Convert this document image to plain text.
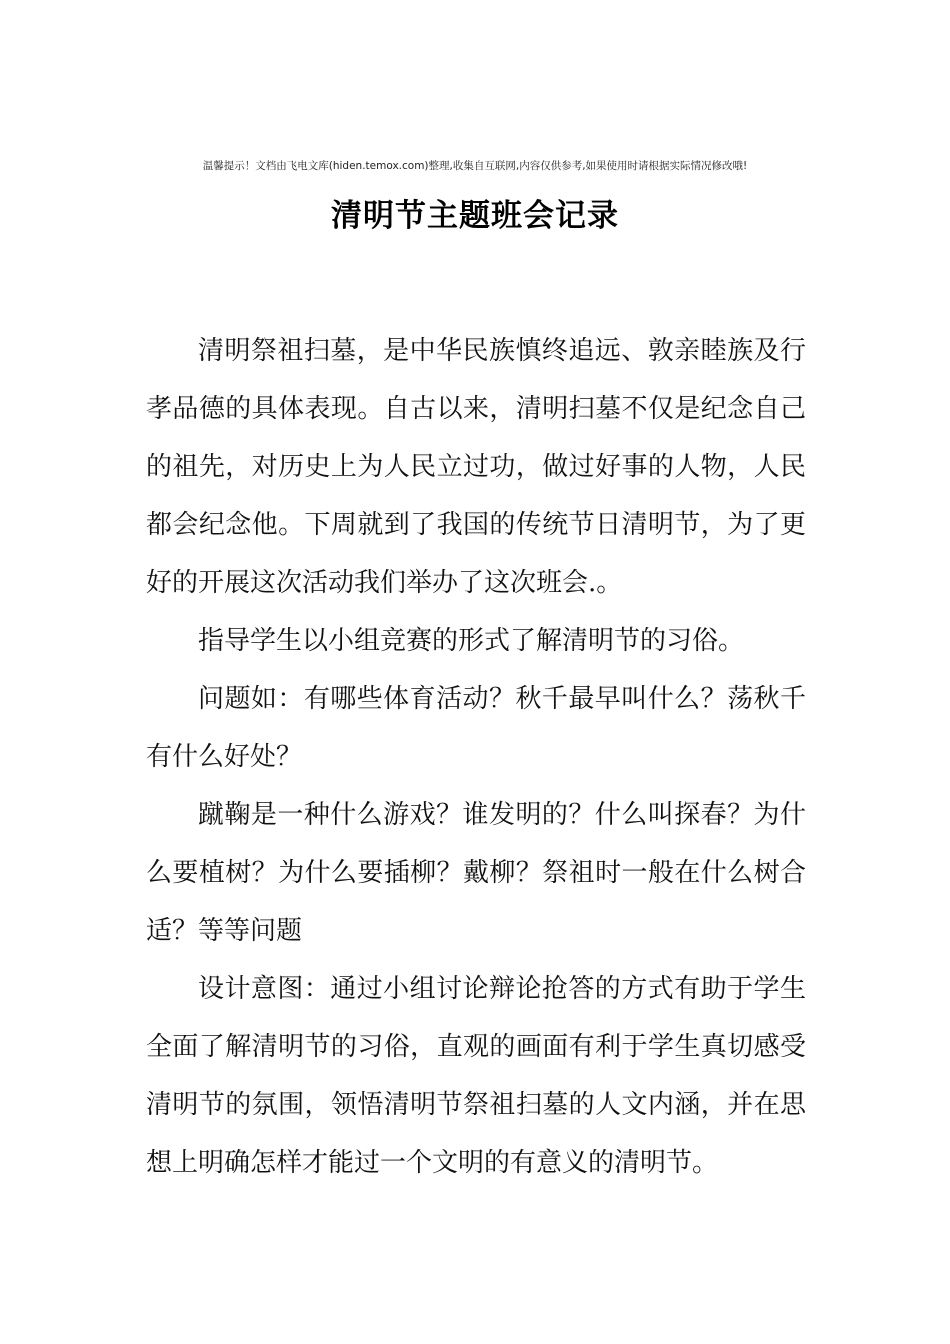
温馨提示！文档由飞电文库(hiden.temox.com)整理,收集自互联网,内容仅供参考,如果使用时请根据实际情况修改哦!
清明节主题班会记录

清明祭祖扫墓，是中华民族慎终追远、敦亲睦族及行孝品德的具体表现。自古以来，清明扫墓不仅是纪念自己的祖先，对历史上为人民立过功，做过好事的人物，人民都会纪念他。下周就到了我国的传统节日清明节，为了更好的开展这次活动我们举办了这次班会.。

指导学生以小组竞赛的形式了解清明节的习俗。

问题如：有哪些体育活动？秋千最早叫什么？荡秋千有什么好处？

蹴鞠是一种什么游戏？谁发明的？什么叫探春？为什么要植树？为什么要插柳？戴柳？祭祖时一般在什么树合适？等等问题

设计意图：通过小组讨论辩论抢答的方式有助于学生全面了解清明节的习俗，直观的画面有利于学生真切感受清明节的氛围，领悟清明节祭祖扫墓的人文内涵，并在思想上明确怎样才能过一个文明的有意义的清明节。
